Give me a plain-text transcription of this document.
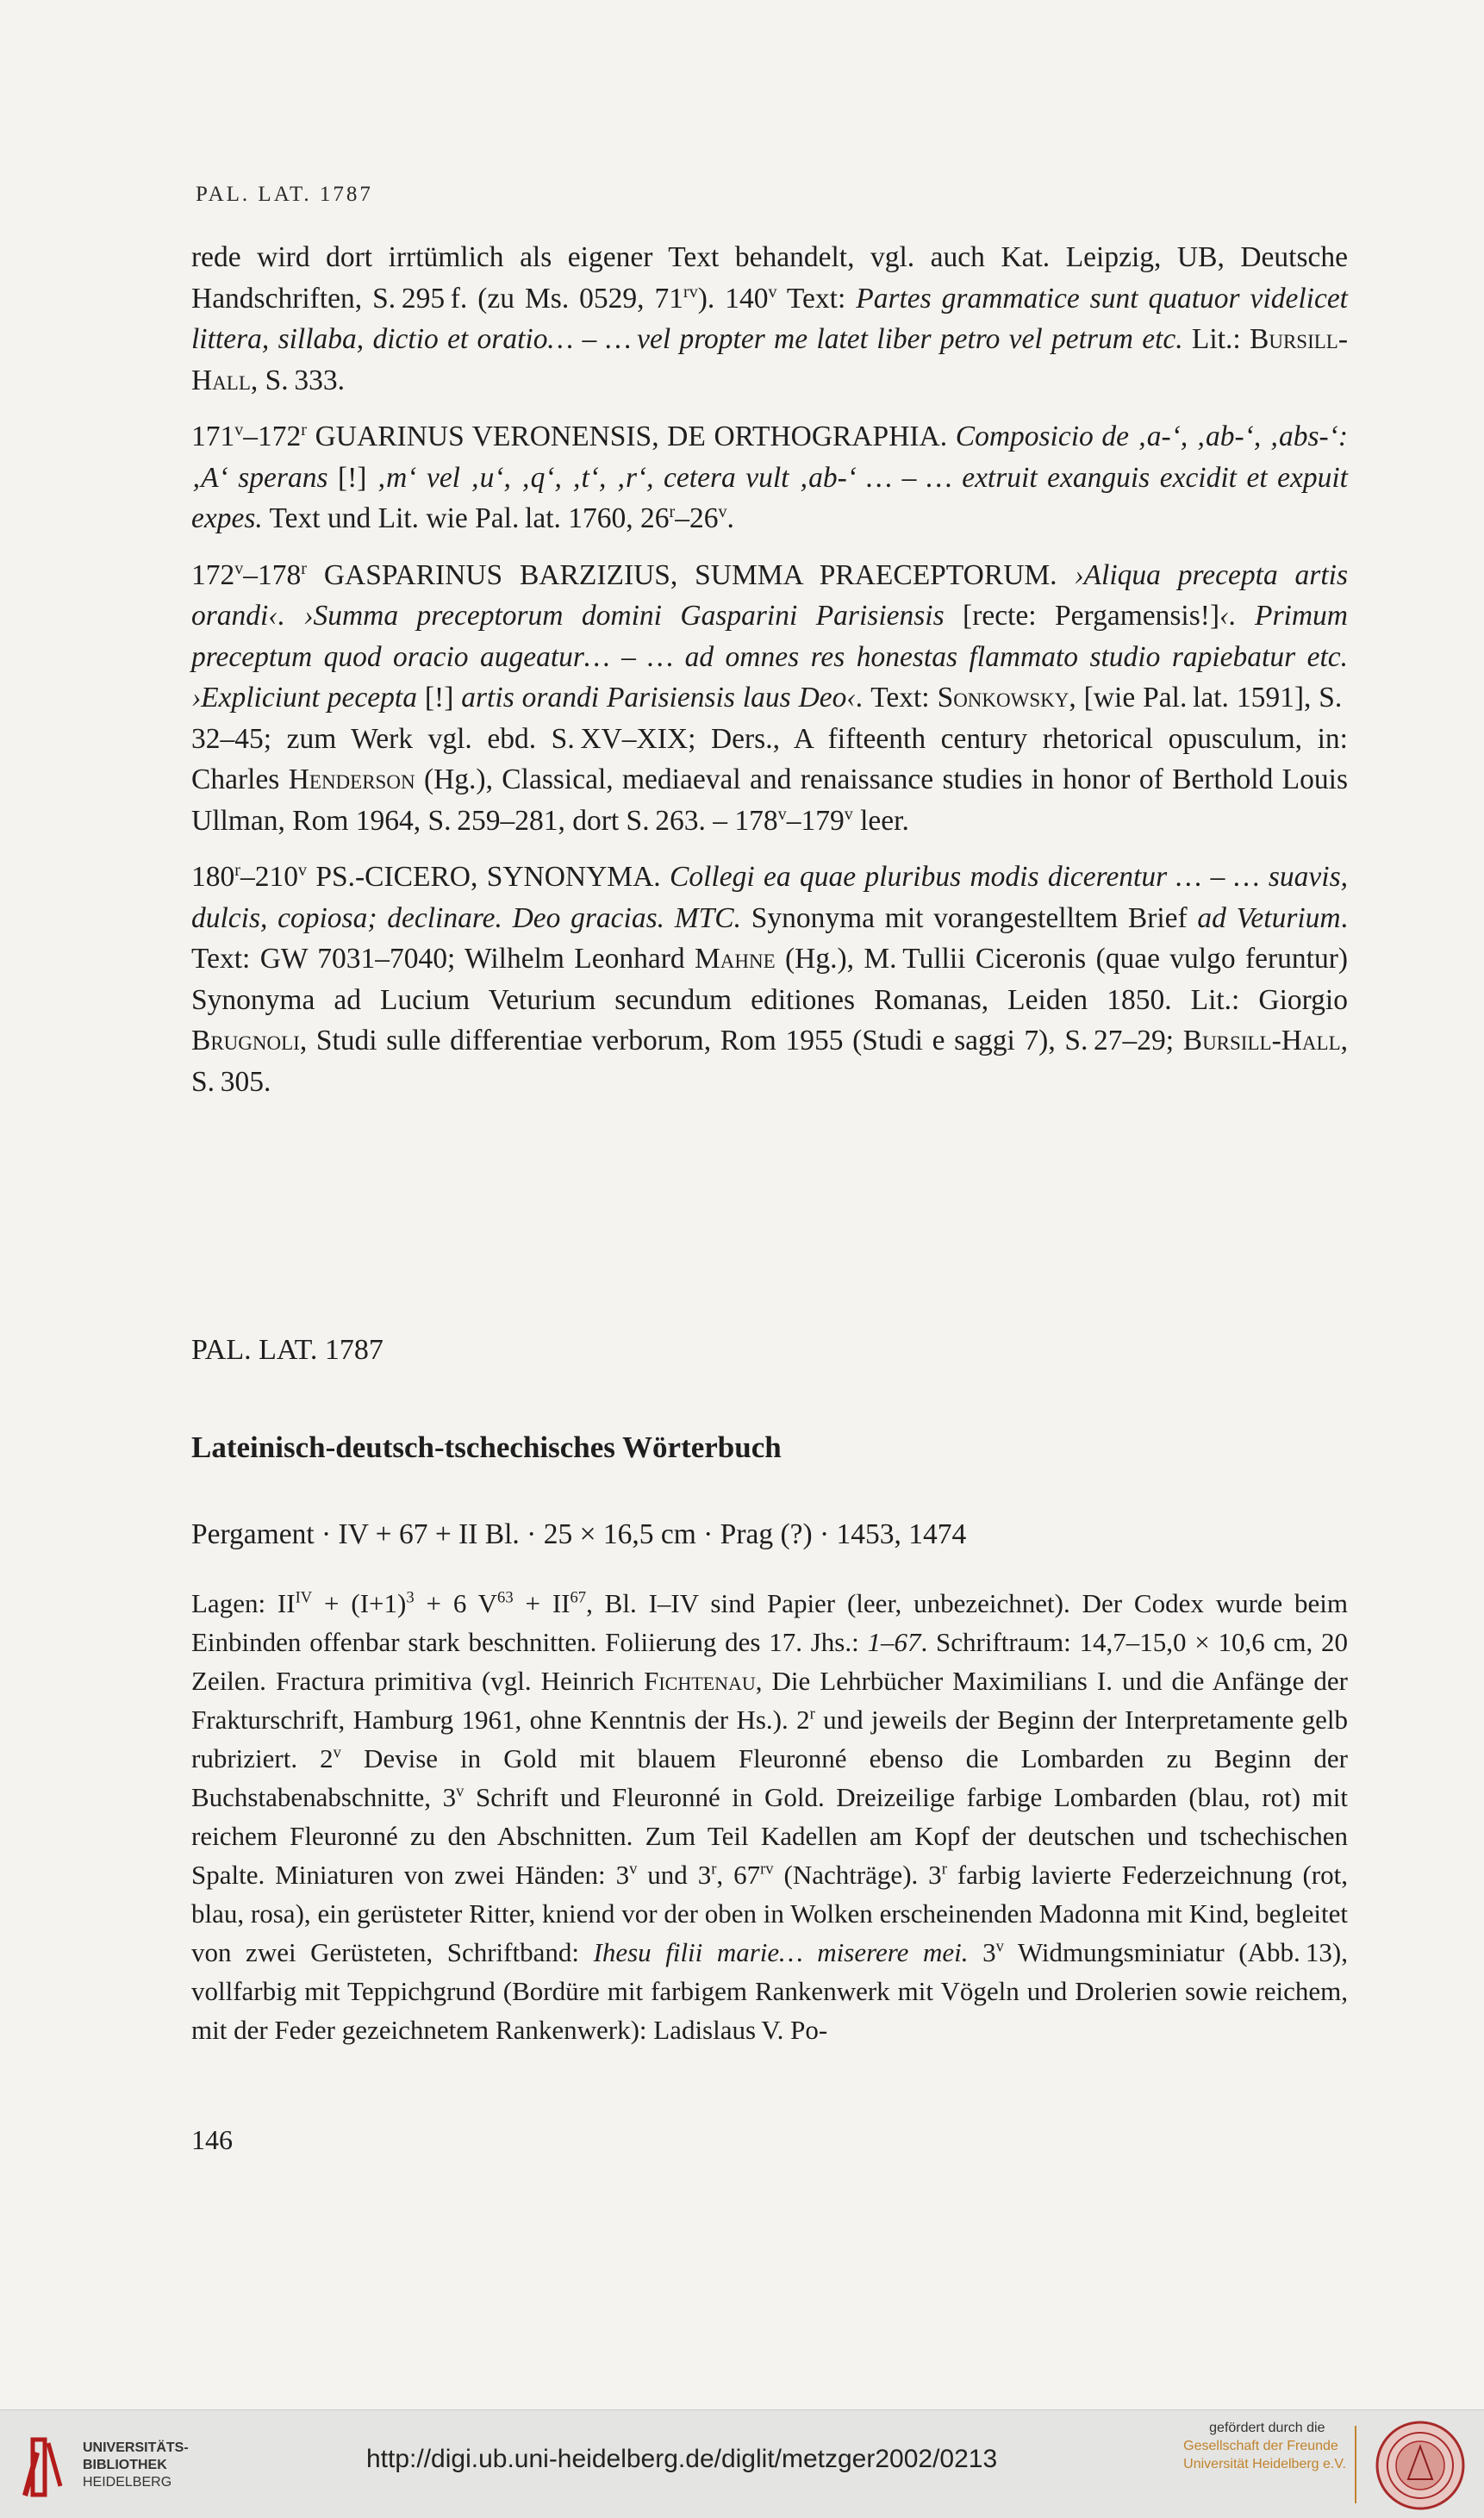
PAL. LAT. 1787

rede wird dort irrtümlich als eigener Text behandelt, vgl. auch Kat. Leipzig, UB, Deutsche Handschriften, S. 295 f. (zu Ms. 0529, $71^{rv}$). 140$^v$ Text: Partes grammatice sunt quatuor videlicet littera, sillaba, dictio et oratio… – … vel propter me latet liber petro vel petrum etc. Lit.: Bursill-Hall, S. 333.

171$^v$–172$^r$ GUARINUS VERONENSIS, DE ORTHOGRAPHIA. Composicio de ‚a-‘, ‚ab-‘, ‚abs-‘: ‚A‘ sperans [!] ‚m‘ vel ‚u‘, ‚q‘, ‚t‘, ‚r‘, cetera vult ‚ab-‘ … – … extruit exanguis excidit et expuit expes. Text und Lit. wie Pal. lat. 1760, 26$^r$–26$^v$.

172$^v$–178$^r$ GASPARINUS BARZIZIUS, SUMMA PRAECEPTORUM. ›Aliqua precepta artis orandi‹. ›Summa preceptorum domini Gasparini Parisiensis [recte: Pergamensis!]‹. Primum preceptum quod oracio augeatur… – … ad omnes res honestas flammato studio rapiebatur etc. ›Expliciunt pecepta [!] artis orandi Parisiensis laus Deo‹. Text: Sonkowsky, [wie Pal. lat. 1591], S. 32–45; zum Werk vgl. ebd. S. XV–XIX; Ders., A fifteenth century rhetorical opusculum, in: Charles Henderson (Hg.), Classical, mediaeval and renaissance studies in honor of Berthold Louis Ullman, Rom 1964, S. 259–281, dort S. 263. – 178$^v$–179$^v$ leer.

180$^r$–210$^v$ PS.-CICERO, SYNONYMA. Collegi ea quae pluribus modis dicerentur … – … suavis, dulcis, copiosa; declinare. Deo gracias. MTC. Synonyma mit vorangestelltem Brief ad Veturium. Text: GW 7031–7040; Wilhelm Leonhard Mahne (Hg.), M. Tullii Ciceronis (quae vulgo feruntur) Synonyma ad Lucium Veturium secundum editiones Romanas, Leiden 1850. Lit.: Giorgio Brugnoli, Studi sulle differentiae verborum, Rom 1955 (Studi e saggi 7), S. 27–29; Bursill-Hall, S. 305.

PAL. LAT. 1787
Lateinisch-deutsch-tschechisches Wörterbuch
Pergament · IV + 67 + II Bl. · 25 × 16,5 cm · Prag (?) · 1453, 1474
Lagen: $II^{IV} + (I+1)^3 + 6$ $V^{63} + II^{67}$, Bl. I–IV sind Papier (leer, unbezeichnet). Der Codex wurde beim Einbinden offenbar stark beschnitten. Foliierung des 17. Jhs.: 1–67. Schriftraum: 14,7–15,0 × 10,6 cm, 20 Zeilen. Fractura primitiva (vgl. Heinrich Fichtenau, Die Lehrbücher Maximilians I. und die Anfänge der Frakturschrift, Hamburg 1961, ohne Kenntnis der Hs.). 2$^r$ und jeweils der Beginn der Interpretamente gelb rubriziert. 2$^v$ Devise in Gold mit blauem Fleuronné ebenso die Lombarden zu Beginn der Buchstabenabschnitte, 3$^v$ Schrift und Fleuronné in Gold. Dreizeilige farbige Lombarden (blau, rot) mit reichem Fleuronné zu den Abschnitten. Zum Teil Kadellen am Kopf der deutschen und tschechischen Spalte. Miniaturen von zwei Händen: 3$^v$ und 3$^r$, $67^{rv}$ (Nachträge). 3$^r$ farbig lavierte Federzeichnung (rot, blau, rosa), ein gerüsteter Ritter, kniend vor der oben in Wolken erscheinenden Madonna mit Kind, begleitet von zwei Gerüsteten, Schriftband: Ihesu filii marie… miserere mei. 3$^v$ Widmungsminiatur (Abb. 13), vollfarbig mit Teppichgrund (Bordüre mit farbigem Rankenwerk mit Vögeln und Drolerien sowie reichem, mit der Feder gezeichnetem Rankenwerk): Ladislaus V. Po-
146
UNIVERSITÄTS-
BIBLIOTHEK
HEIDELBERG
http://digi.ub.uni-heidelberg.de/diglit/metzger2002/0213
gefördert durch die
Gesellschaft der Freunde
Universität Heidelberg e.V.
